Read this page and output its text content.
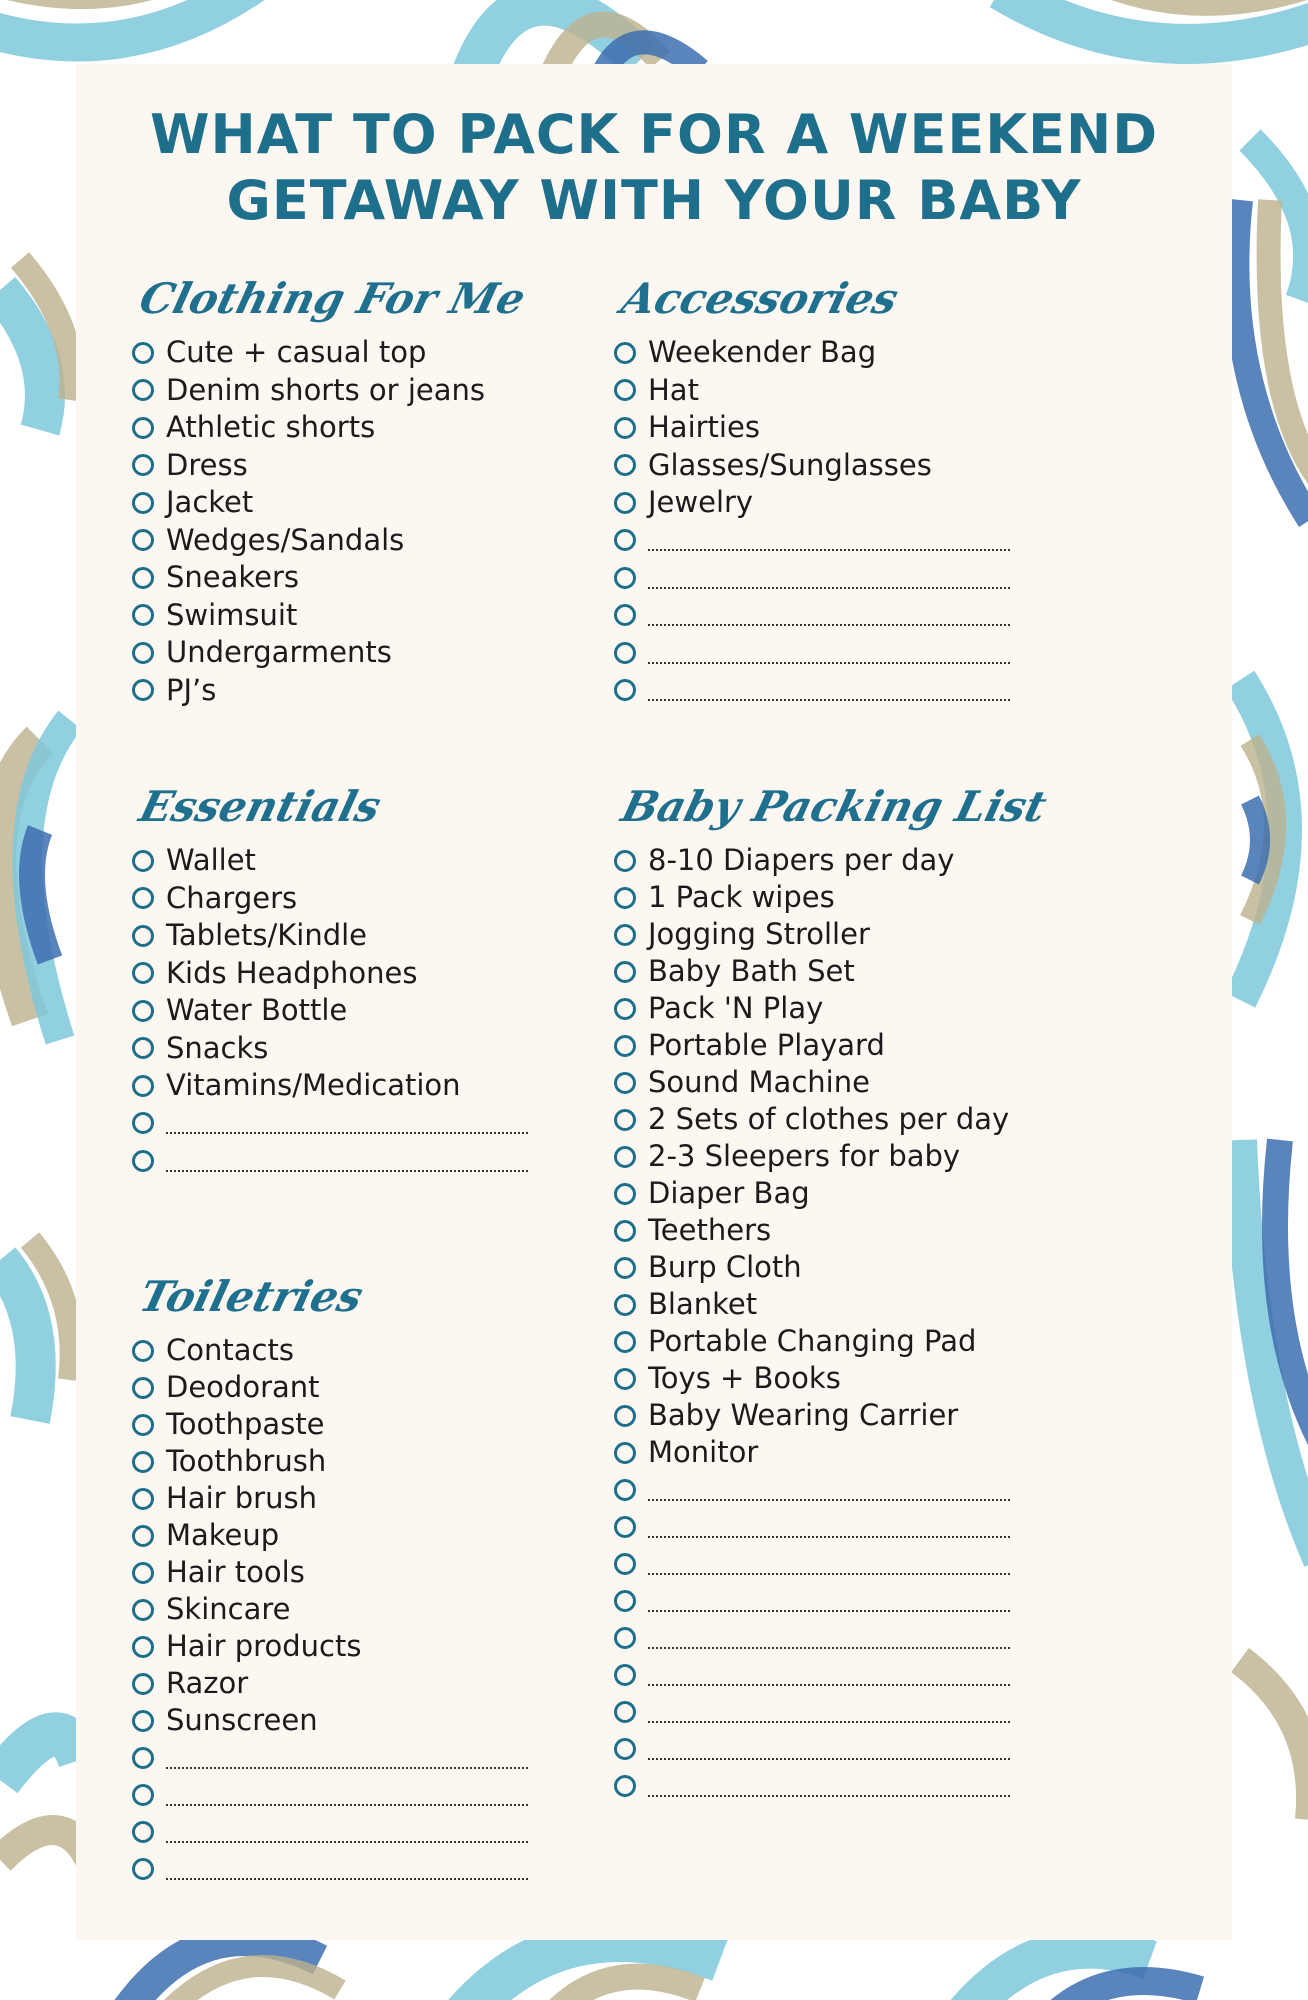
WHAT TO PACK FOR A WEEKEND
GETAWAY WITH YOUR BABY
Clothing For Me
Cute + casual top
Denim shorts or jeans
Athletic shorts
Dress
Jacket
Wedges/Sandals
Sneakers
Swimsuit
Undergarments
PJ’s
Accessories
Weekender Bag
Hat
Hairties
Glasses/Sunglasses
Jewelry
Essentials
Wallet
Chargers
Tablets/Kindle
Kids Headphones
Water Bottle
Snacks
Vitamins/Medication
Baby Packing List
8-10 Diapers per day
1 Pack wipes
Jogging Stroller
Baby Bath Set
Pack 'N Play
Portable Playard
Sound Machine
2 Sets of clothes per day
2-3 Sleepers for baby
Diaper Bag
Teethers
Burp Cloth
Blanket
Portable Changing Pad
Toys + Books
Baby Wearing Carrier
Monitor
Toiletries
Contacts
Deodorant
Toothpaste
Toothbrush
Hair brush
Makeup
Hair tools
Skincare
Hair products
Razor
Sunscreen
